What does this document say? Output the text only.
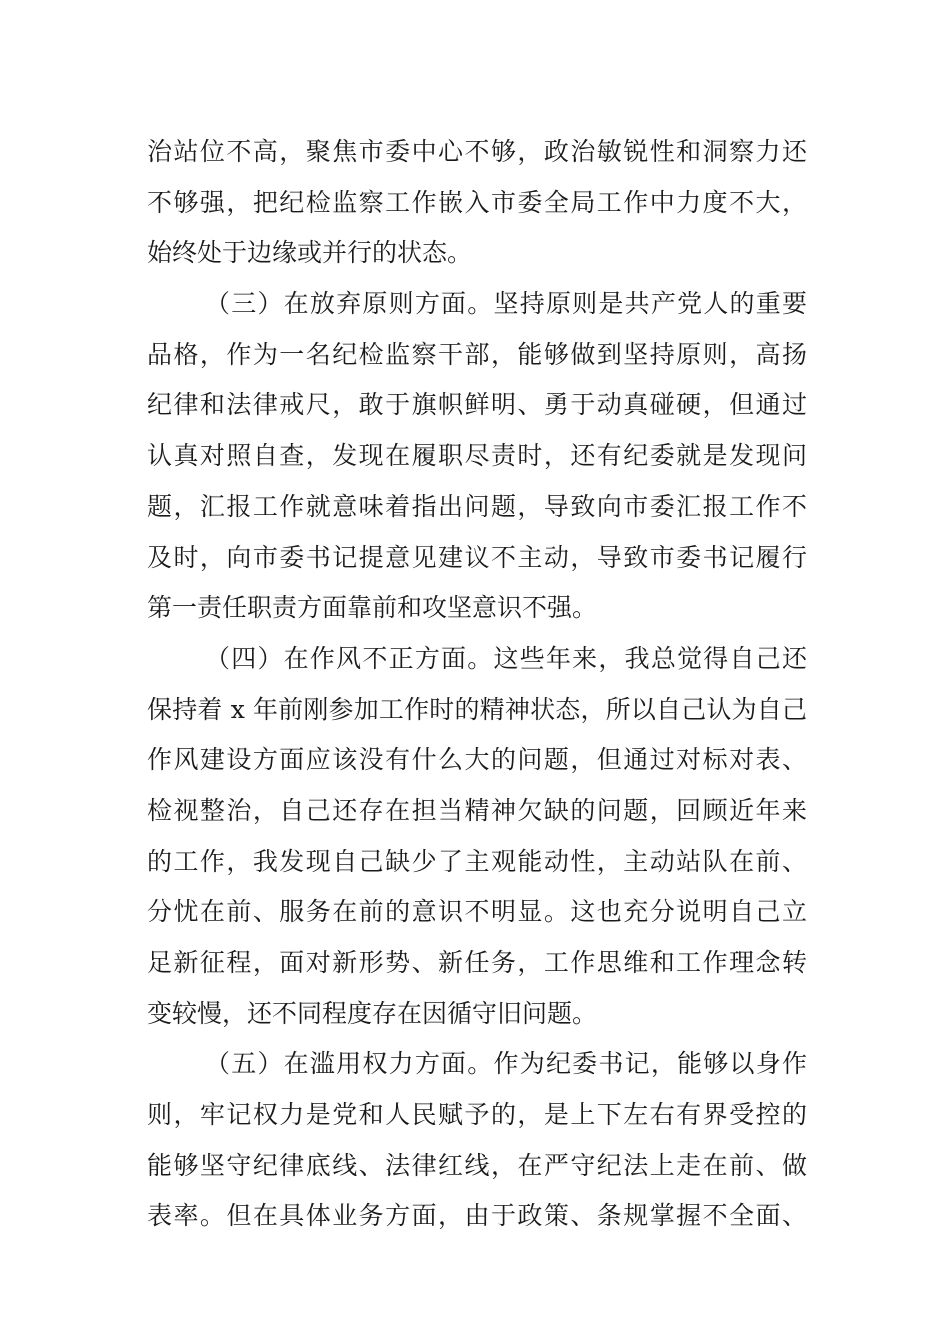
治站位不高，聚焦市委中心不够，政治敏锐性和洞察力还
不够强，把纪检监察工作嵌入市委全局工作中力度不大，
始终处于边缘或并行的状态。
（三）在放弃原则方面。坚持原则是共产党人的重要
品格，作为一名纪检监察干部，能够做到坚持原则，高扬
纪律和法律戒尺，敢于旗帜鲜明、勇于动真碰硬，但通过
认真对照自查，发现在履职尽责时，还有纪委就是发现问
题，汇报工作就意味着指出问题，导致向市委汇报工作不
及时，向市委书记提意见建议不主动，导致市委书记履行
第一责任职责方面靠前和攻坚意识不强。
（四）在作风不正方面。这些年来，我总觉得自己还
保持着 x 年前刚参加工作时的精神状态，所以自己认为自己
作风建设方面应该没有什么大的问题，但通过对标对表、
检视整治，自己还存在担当精神欠缺的问题，回顾近年来
的工作，我发现自己缺少了主观能动性，主动站队在前、
分忧在前、服务在前的意识不明显。这也充分说明自己立
足新征程，面对新形势、新任务，工作思维和工作理念转
变较慢，还不同程度存在因循守旧问题。
（五）在滥用权力方面。作为纪委书记，能够以身作
则，牢记权力是党和人民赋予的，是上下左右有界受控的
能够坚守纪律底线、法律红线，在严守纪法上走在前、做
表率。但在具体业务方面，由于政策、条规掌握不全面、
